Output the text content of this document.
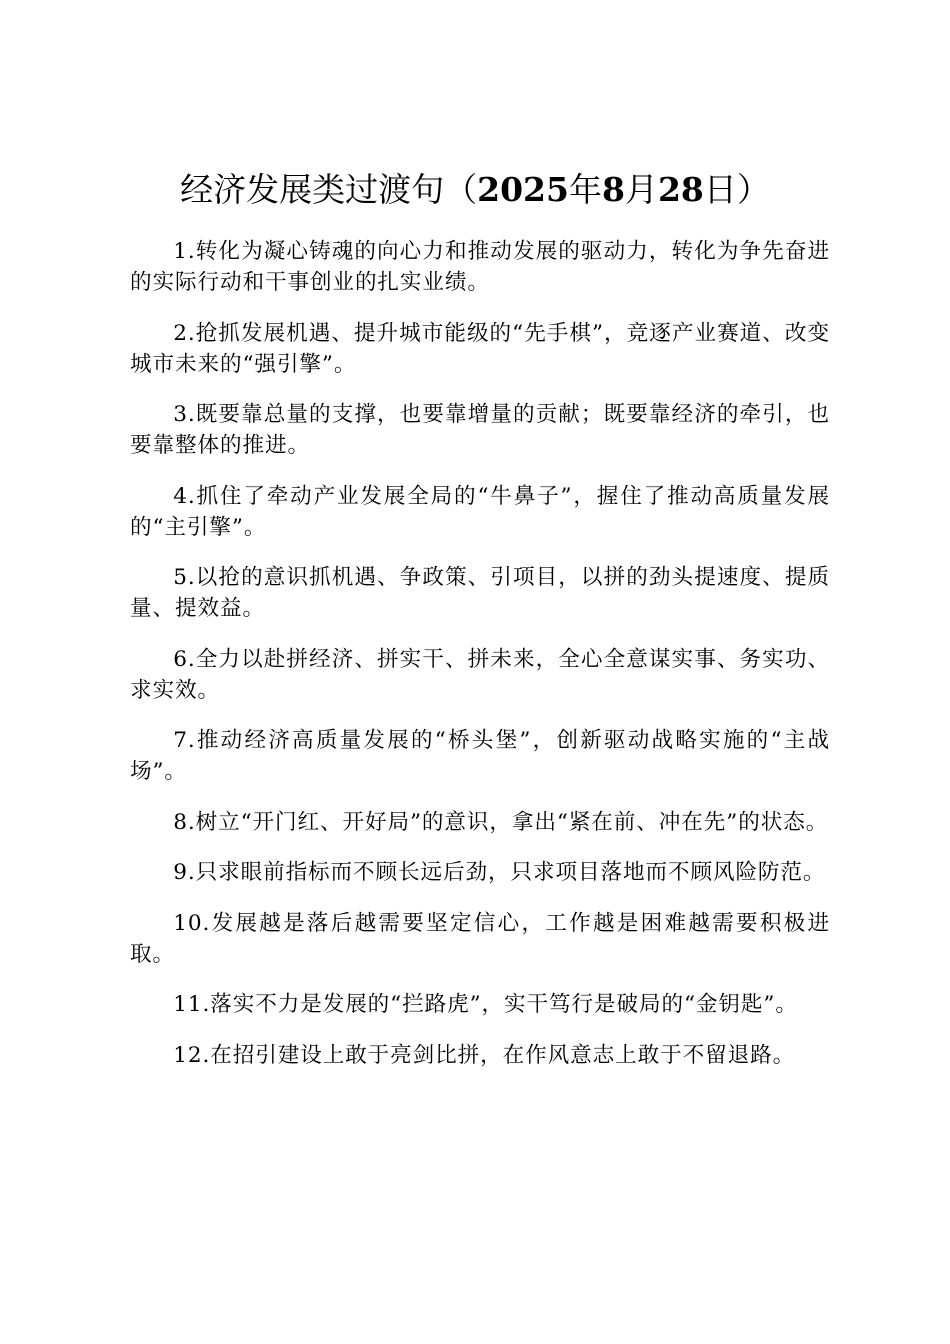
经济发展类过渡句（2025年8月28日）

1.转化为凝心铸魂的向心力和推动发展的驱动力，转化为争先奋进的实际行动和干事创业的扎实业绩。

2.抢抓发展机遇、提升城市能级的“先手棋”，竞逐产业赛道、改变城市未来的“强引擎”。

3.既要靠总量的支撑，也要靠增量的贡献；既要靠经济的牵引，也要靠整体的推进。

4.抓住了牵动产业发展全局的“牛鼻子”，握住了推动高质量发展的“主引擎”。

5.以抢的意识抓机遇、争政策、引项目，以拼的劲头提速度、提质量、提效益。

6.全力以赴拼经济、拼实干、拼未来，全心全意谋实事、务实功、求实效。

7.推动经济高质量发展的“桥头堡”，创新驱动战略实施的“主战场”。

8.树立“开门红、开好局”的意识，拿出“紧在前、冲在先”的状态。

9.只求眼前指标而不顾长远后劲，只求项目落地而不顾风险防范。

10.发展越是落后越需要坚定信心，工作越是困难越需要积极进取。

11.落实不力是发展的“拦路虎”，实干笃行是破局的“金钥匙”。

12.在招引建设上敢于亮剑比拼，在作风意志上敢于不留退路。
